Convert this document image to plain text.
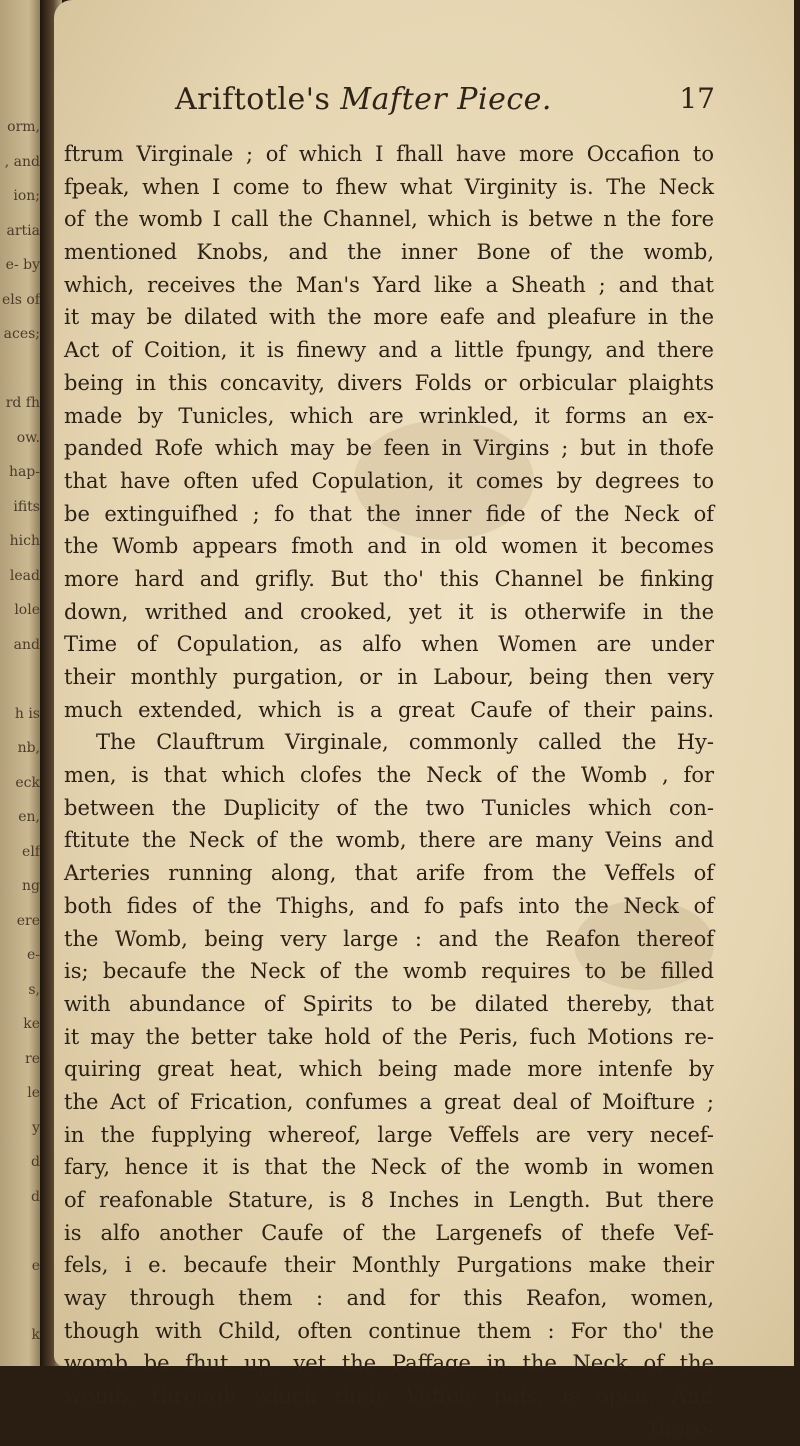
orm,
, and
ion;
artia
e- by
els of
aces;

rd fh
ow.
hap-
ifits
hich
lead
lole
and

h is
nb,
eck
en,
elf
ng
ere
e-
s,
ke
re
le
y
d
d

e

k
Ariftotle's Mafter Piece.	17
ftrum Virginale ; of which I fhall have more Occafion to
fpeak, when I come to fhew what Virginity is. The Neck
of the womb I call the Channel, which is betwe n the fore
mentioned Knobs, and the inner Bone of the womb,
which, receives the Man's Yard like a Sheath ; and that
it may be dilated with the more eafe and pleafure in the
Act of Coition, it is finewy and a little fpungy, and there
being in this concavity, divers Folds or orbicular plaights
made by Tunicles, which are wrinkled, it forms an ex-
panded Rofe which may be feen in Virgins ; but in thofe
that have often ufed Copulation, it comes by degrees to
be extinguifhed ; fo that the inner fide of the Neck of
the Womb appears fmoth and in old women it becomes
more hard and grifly. But tho' this Channel be finking
down, writhed and crooked, yet it is otherwife in the
Time of Copulation, as alfo when Women are under
their monthly purgation, or in Labour, being then very
much extended, which is a great Caufe of their pains.
The Clauftrum Virginale, commonly called the Hy-
men, is that which clofes the Neck of the Womb , for
between the Duplicity of the two Tunicles which con-
ftitute the Neck of the womb, there are many Veins and
Arteries running along, that arife from the Veffels of
both fides of the Thighs, and fo pafs into the Neck of
the Womb, being very large : and the Reafon thereof
is; becaufe the Neck of the womb requires to be filled
with abundance of Spirits to be dilated thereby, that
it may the better take hold of the Peris, fuch Motions re-
quiring great heat, which being made more intenfe by
the Act of Frication, confumes a great deal of Moifture ;
in the fupplying whereof, large Veffels are very necef-
fary, hence it is that the Neck of the womb in women
of reafonable Stature, is 8 Inches in Length. But there
is alfo another Caufe of the Largenefs of thefe Vef-
fels, i e. becaufe their Monthly Purgations make their
way through them : and for this Reafon, women,
though with Child, often continue them : For tho' the
womb be fhut up, yet the Paffage in the Neck of the
womb, through which thefe Veffels pafs, is open. And
there-
